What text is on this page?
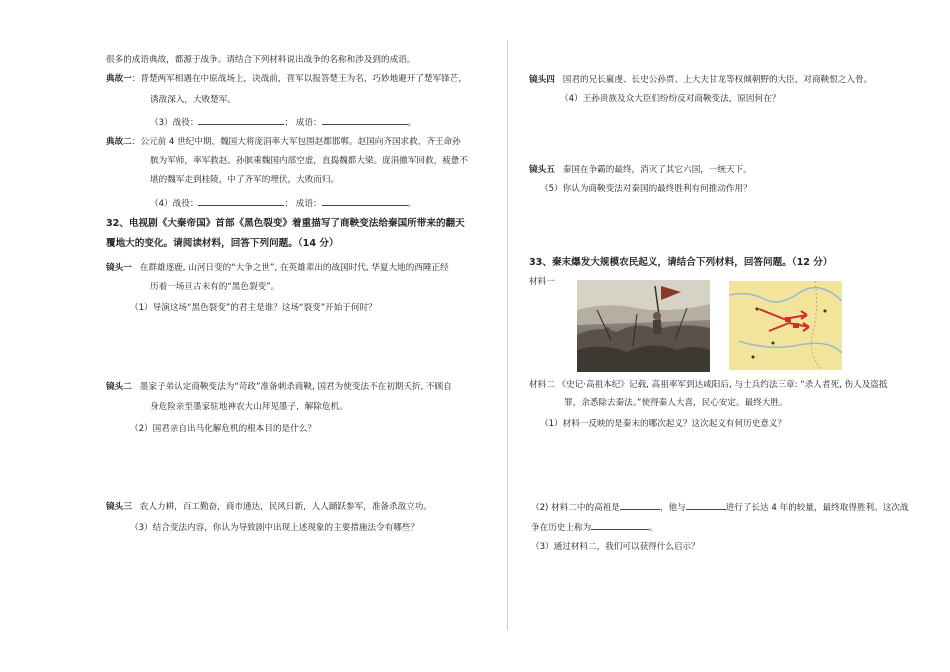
很多的成语典故，都源于战争。请结合下列材料说出战争的名称和涉及到的成语。
典故一：晋楚两军相遇在中原战场上，决战前，晋军以报答楚王为名，巧妙地避开了楚军锋芒，
诱敌深入，大败楚军。
（3）战役：	； 成语：	。
典故二：公元前 4 世纪中期，魏国大将庞涓率大军包围赵都邯郸。赵国向齐国求救，齐王命孙
膑为军师，率军救赵。孙膑乘魏国内部空虚，直捣魏都大梁。庞涓撤军回救，疲惫不
堪的魏军走到桂陵，中了齐军的埋伏，大败而归。
（4）战役：	； 成语：	。
32、电视剧《大秦帝国》首部《黑色裂变》着重描写了商鞅变法给秦国所带来的翻天
覆地大的变化。请阅读材料，回答下列问题。（14 分）
镜头一 在群雄逐鹿, 山河日变的“大争之世”, 在英雄辈出的战国时代, 华夏大地的西陲正经
历着一场亘古未有的“黑色裂变”。
（1）导演这场“黑色裂变”的君主是谁？这场“裂变”开始于何时？
镜头二 墨家子弟认定商鞅变法为“苛政”准备刺杀商鞅, 国君为使变法不在初期夭折, 不顾自
身危险亲至墨家驻地神农大山拜见墨子，解除危机。
（2）国君亲自出马化解危机的根本目的是什么？
镜头三 农人力耕，百工勤奋，商市通达，民风日新，人人踊跃参军，准备杀敌立功。
（3）结合变法内容，你认为导致剧中出现上述现象的主要措施法令有哪些？
镜头四 国君的兄长嬴虔、长史公孙贾、上大夫甘龙等权倾朝野的大臣，对商鞅恨之入骨。
（4）王孙贵族及众大臣们纷纷反对商鞅变法，原因何在？
镜头五 秦国在争霸的最终，消灭了其它六国，一统天下。
（5）你认为商鞅变法对秦国的最终胜利有何推动作用？
33、秦末爆发大规模农民起义，请结合下列材料，回答问题。（12 分）
材料一
材料二 《史记·高祖本纪》记载, 高祖率军到达咸阳后, 与士兵约法三章: “杀人者死, 伤人及盗抵
罪，余悉除去秦法。”使得秦人大喜，民心安定。最终大胜。
（1）材料一反映的是秦末的哪次起义？这次起义有何历史意义？
（2) 材料二中的高祖是	，他与	进行了长达 4 年的较量，最终取得胜利。这次战
争在历史上称为	。
（3）通过材料二，我们可以获得什么启示？
